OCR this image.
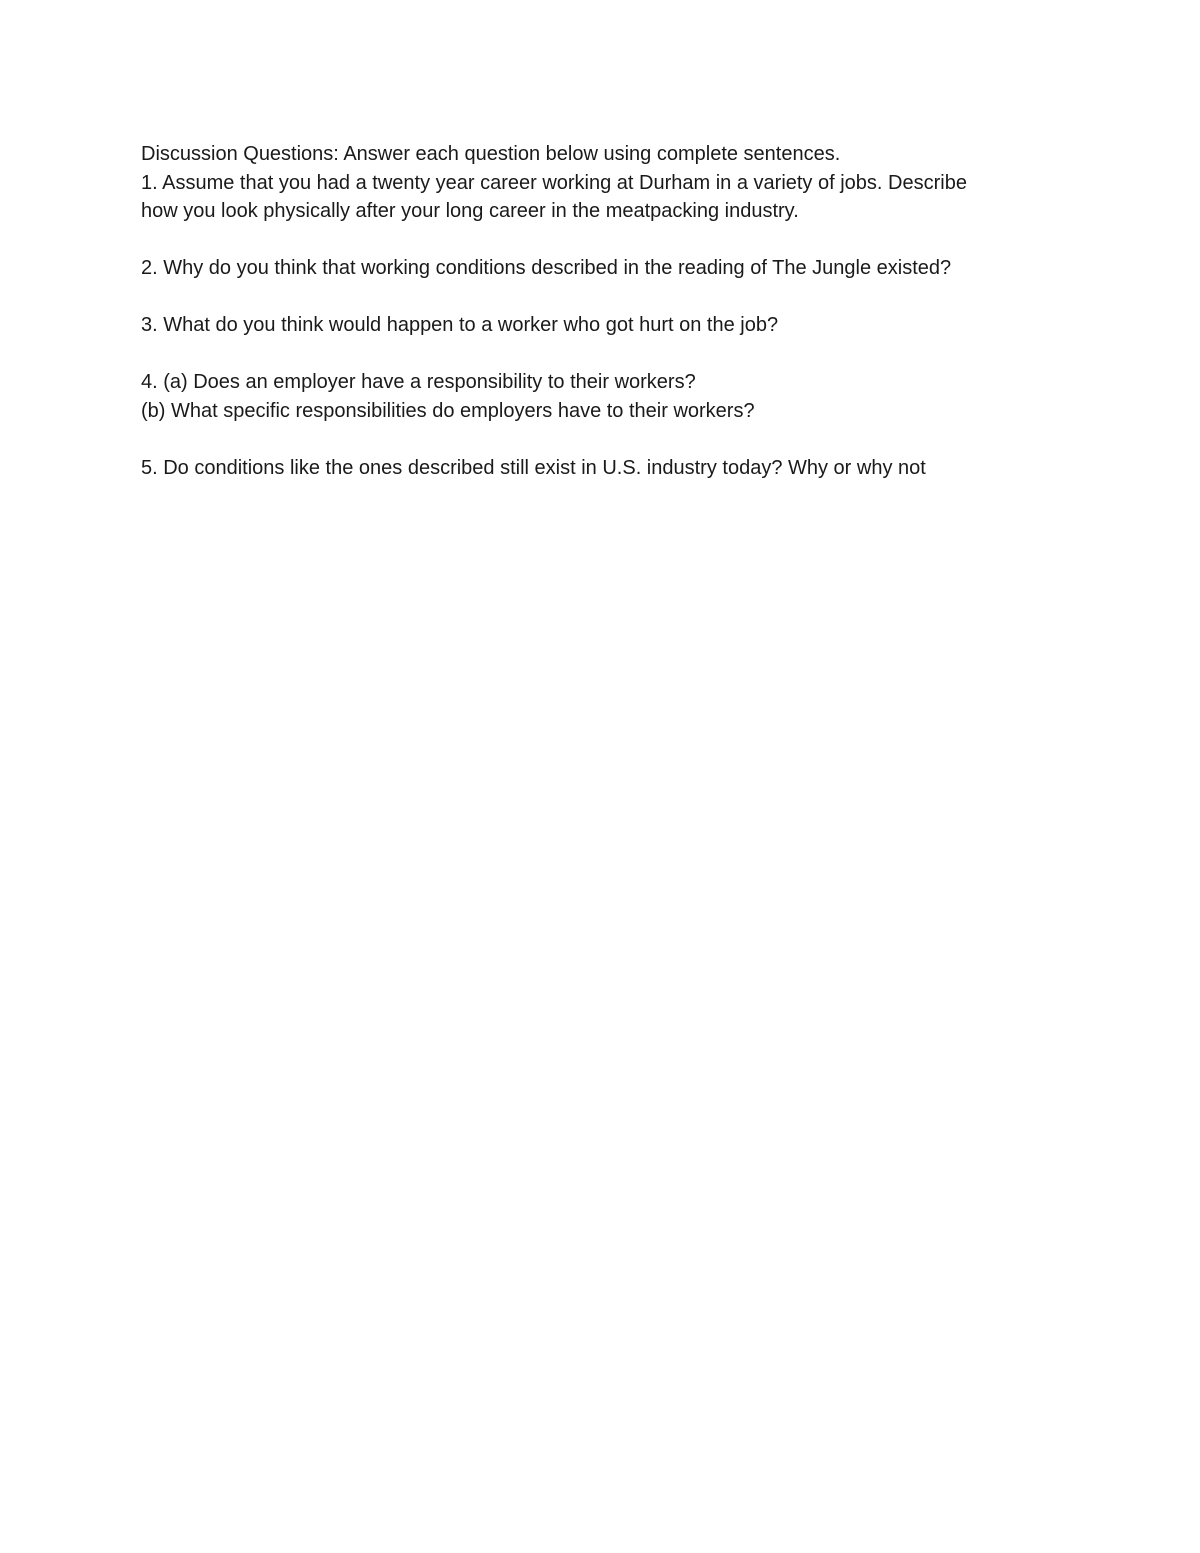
Discussion Questions: Answer each question below using complete sentences.

1. Assume that you had a twenty year career working at Durham in a variety of jobs. Describe

how you look physically after your long career in the meatpacking industry.

2. Why do you think that working conditions described in the reading of The Jungle existed?

3. What do you think would happen to a worker who got hurt on the job?

4. (a) Does an employer have a responsibility to their workers?

(b) What specific responsibilities do employers have to their workers?

5. Do conditions like the ones described still exist in U.S. industry today? Why or why not
